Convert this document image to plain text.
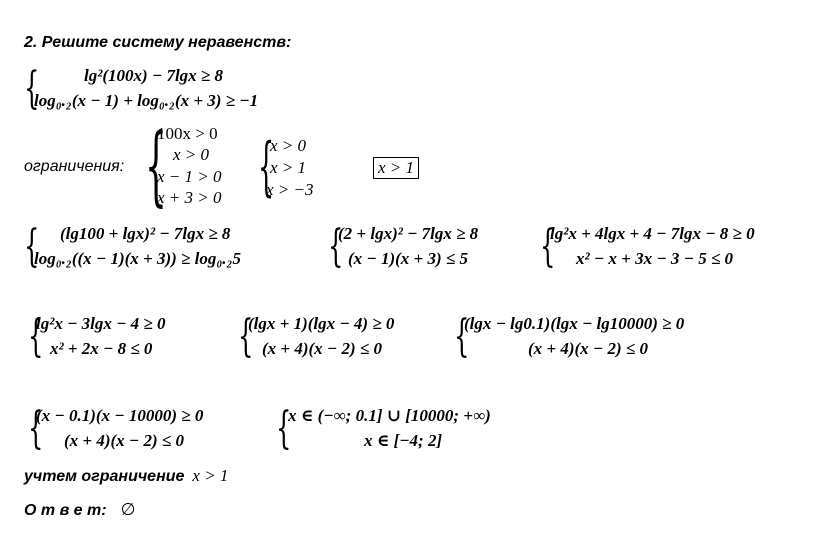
2. Решите систему неравенств:
{	lg²(100x) − 7lgx ≥ 8
log₀.₂(x − 1) + log₀.₂(x + 3) ≥ −1
ограничения: {
100x > 0
x > 0
x − 1 > 0
x + 3 > 0 {
x > 0
x > 1
x > −3
x > 1
{ (lg100 + lgx)² − 7lgx ≥ 8
log₀.₂((x − 1)(x + 3)) ≥ log₀.₂5 {
(2 + lgx)² − 7lgx ≥ 8
(x − 1)(x + 3) ≤ 5 {
lg²x + 4lgx + 4 − 7lgx − 8 ≥ 0
x² − x + 3x − 3 − 5 ≤ 0
{
lg²x − 3lgx − 4 ≥ 0
x² + 2x − 8 ≤ 0 {
(lgx + 1)(lgx − 4) ≥ 0
(x + 4)(x − 2) ≤ 0 {
(lgx − lg0.1)(lgx − lg10000) ≥ 0
(x + 4)(x − 2) ≤ 0
{
(x − 0.1)(x − 10000) ≥ 0
(x + 4)(x − 2) ≤ 0 {
x ∈ (−∞; 0.1] ∪ [10000; +∞)
x ∈ [−4; 2]
учтем ограничение x > 1
О т в е т: ∅
